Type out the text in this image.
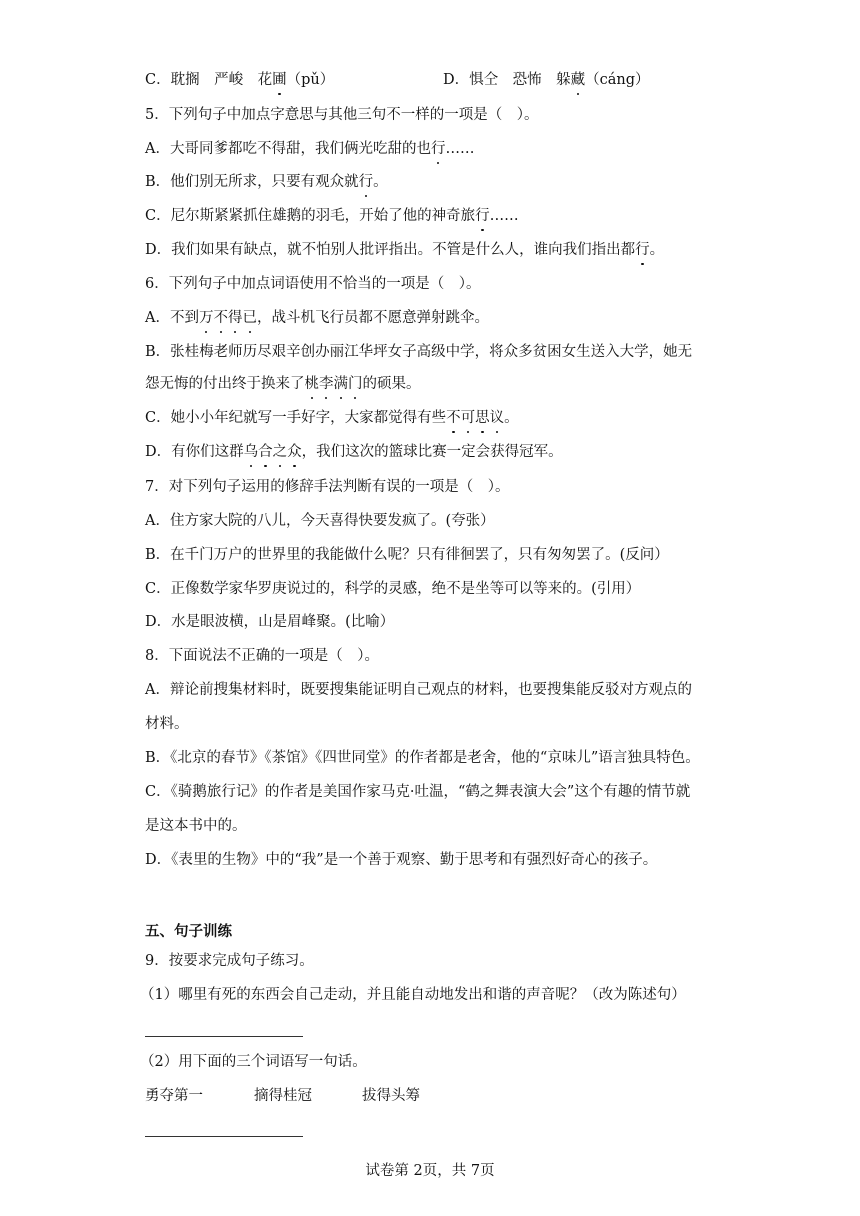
C．耽搁　严峻　花圃（pǔ）	D．惧仝　恐怖　躲藏（cáng）
5．下列句子中加点字意思与其他三句不一样的一项是（　）。
A．大哥同爹都吃不得甜，我们俩光吃甜的也行……
B．他们别无所求，只要有观众就行。
C．尼尔斯紧紧抓住雄鹅的羽毛，开始了他的神奇旅行……
D．我们如果有缺点，就不怕别人批评指出。不管是什么人，谁向我们指出都行。
6．下列句子中加点词语使用不恰当的一项是（　）。
A．不到万不得已，战斗机飞行员都不愿意弹射跳伞。
B．张桂梅老师历尽艰辛创办丽江华坪女子高级中学，将众多贫困女生送入大学，她无
怨无悔的付出终于换来了桃李满门的硕果。
C．她小小年纪就写一手好字，大家都觉得有些不可思议。
D．有你们这群乌合之众，我们这次的篮球比赛一定会获得冠军。
7．对下列句子运用的修辞手法判断有误的一项是（　）。
A．住方家大院的八儿，今天喜得快要发疯了。(夸张）
B．在千门万户的世界里的我能做什么呢？只有徘徊罢了，只有匆匆罢了。(反问）
C．正像数学家华罗庚说过的，科学的灵感，绝不是坐等可以等来的。(引用）
D．水是眼波横，山是眉峰聚。(比喻）
8．下面说法不正确的一项是（　）。
A．辩论前搜集材料时，既要搜集能证明自己观点的材料，也要搜集能反驳对方观点的
材料。
B．《北京的春节》《茶馆》《四世同堂》的作者都是老舍，他的“京味儿”语言独具特色。
C．《骑鹅旅行记》的作者是美国作家马克·吐温，“鹤之舞表演大会”这个有趣的情节就
是这本书中的。
D．《表里的生物》中的“我”是一个善于观察、勤于思考和有强烈好奇心的孩子。
五、句子训练
9．按要求完成句子练习。
（1）哪里有死的东西会自己走动，并且能自动地发出和谐的声音呢？（改为陈述句）
（2）用下面的三个词语写一句话。
勇夺第一	摘得桂冠	拔得头筹
试卷第 2页，共 7页
